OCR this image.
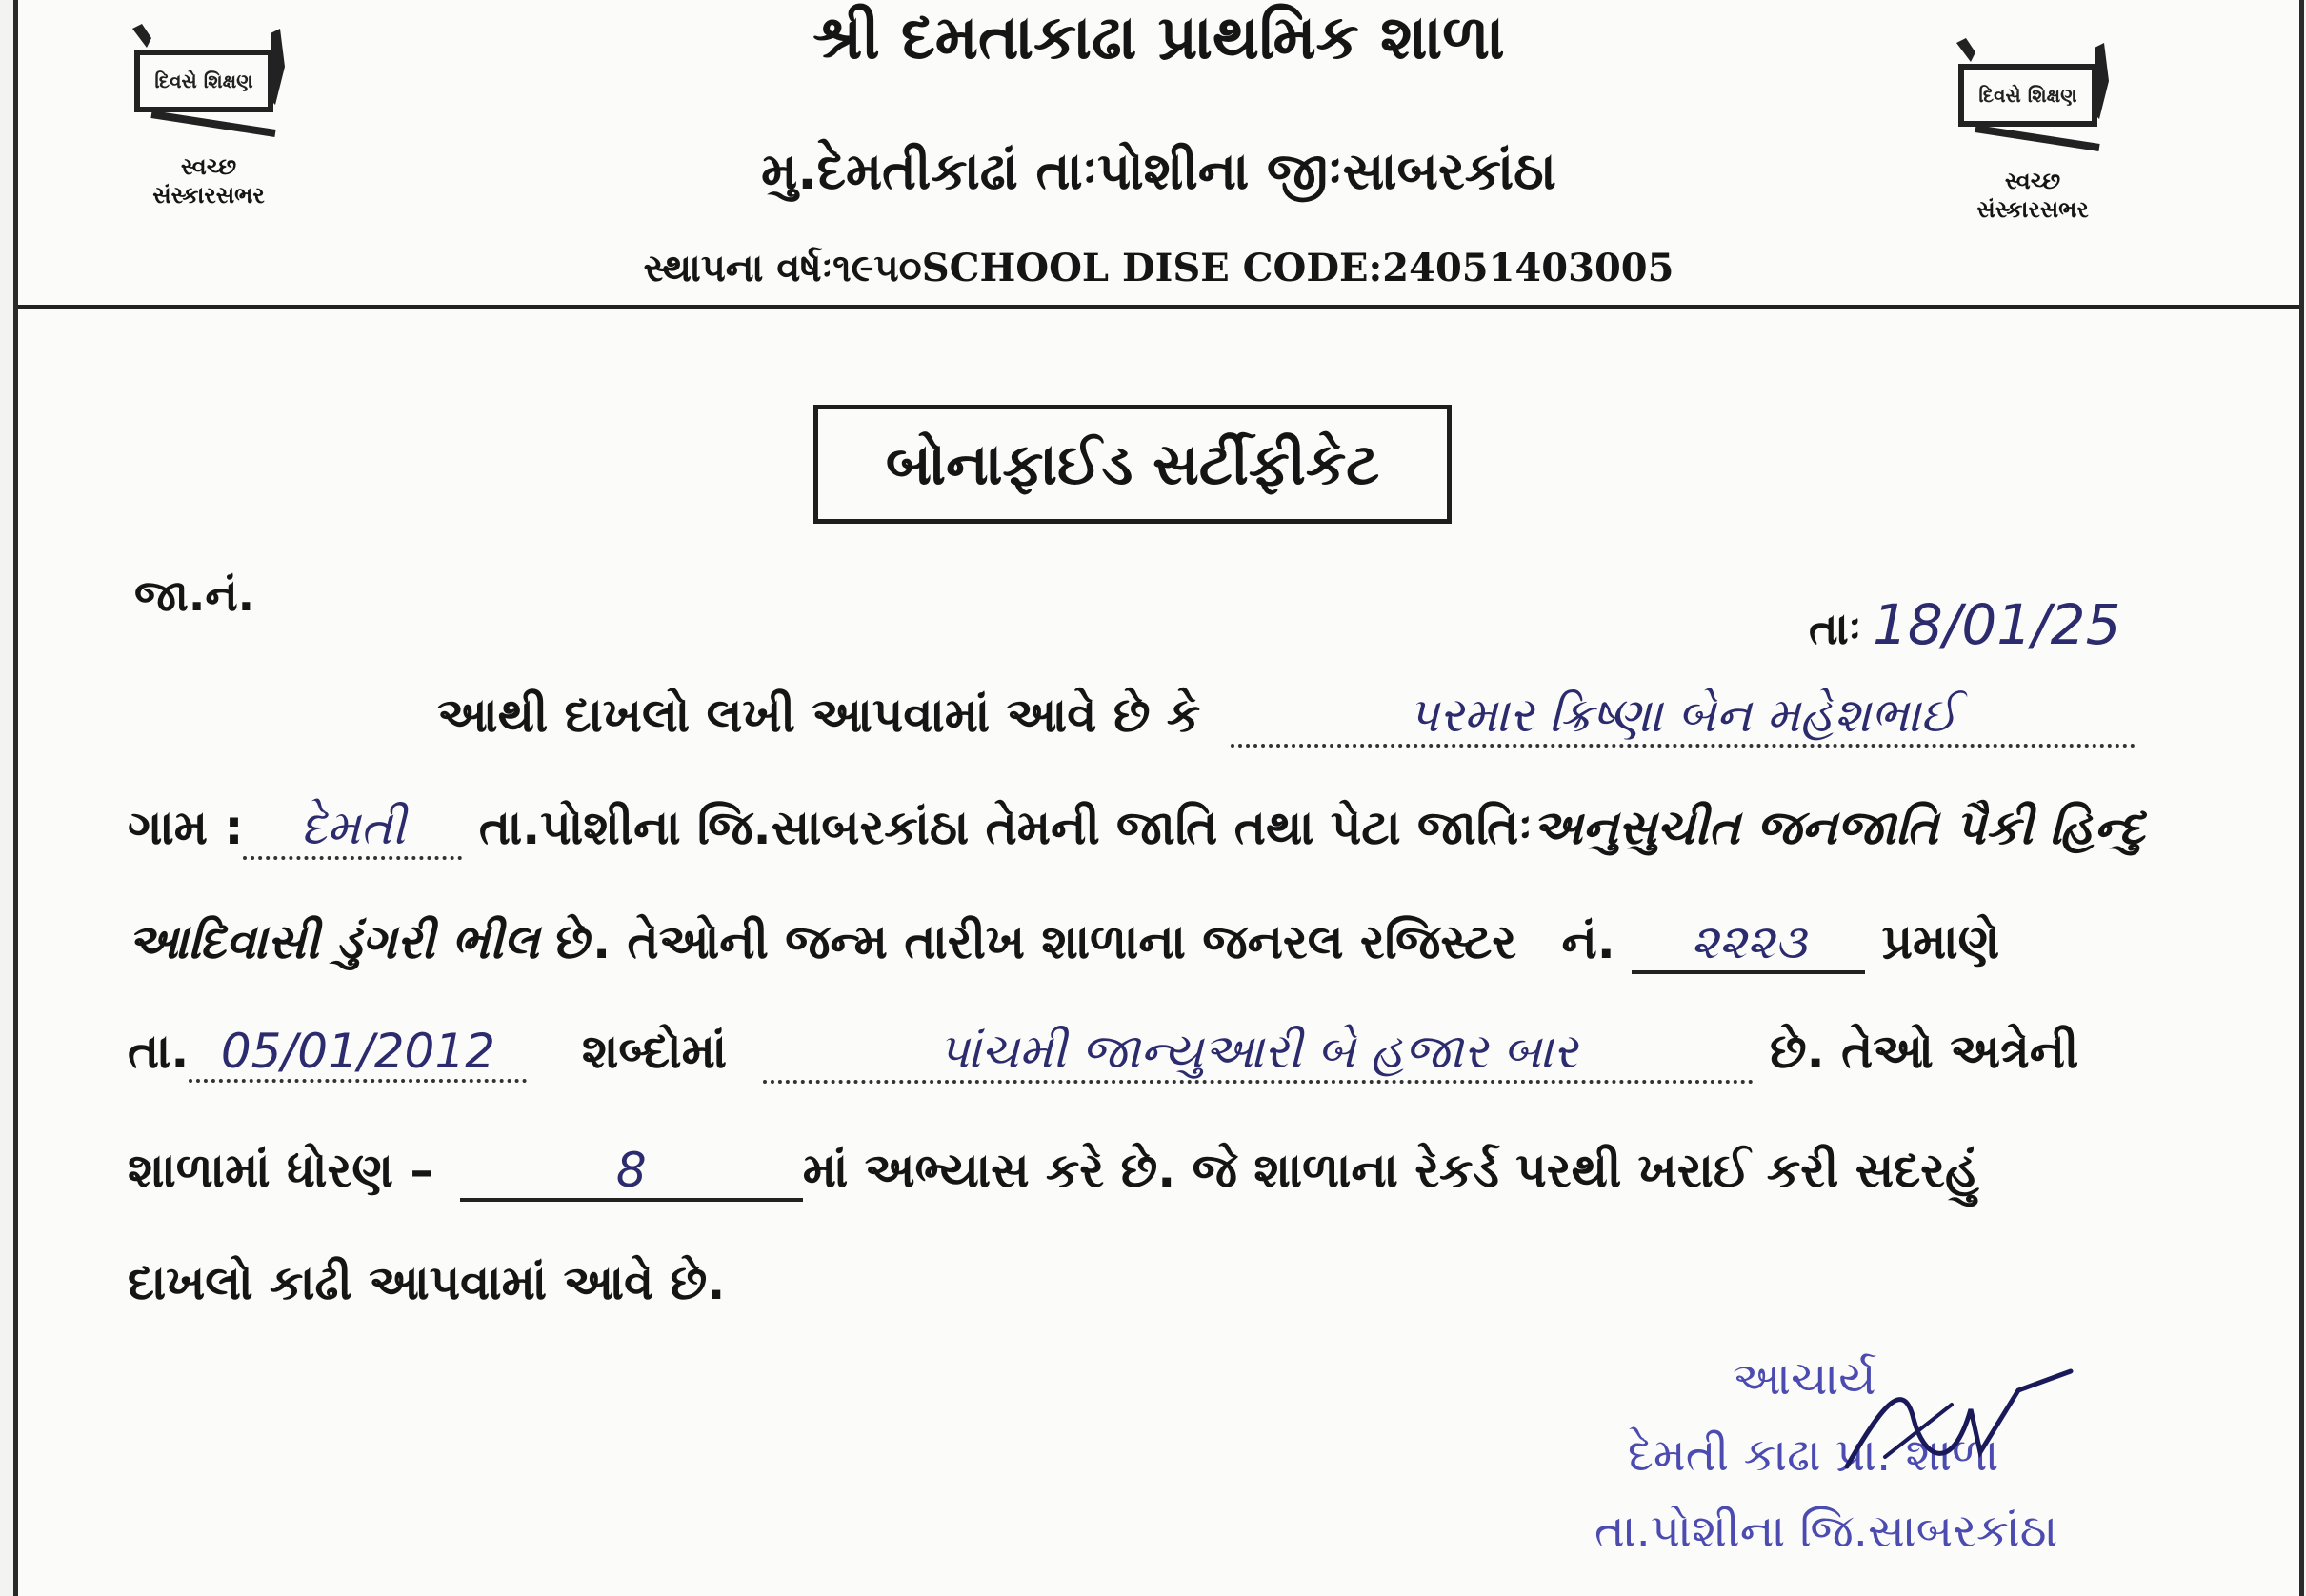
દિવસે શિક્ષણ
સ્વચ્છ
સંસ્કારસભર
દિવસે શિક્ષણ
સ્વચ્છ
સંસ્કારસભર
શ્રી દમતાકાઢા પ્રાથમિક શાળા
મુ.દેમતીકાઢાં તાઃપોશીના જીઃસાબરકાંઠા
સ્થાપના વર્ષઃ૧૯૫૦SCHOOL DISE CODE:24051403005
બોનાફાઈડ સર્ટીફીકેટ
જા.નં.
તાઃ 18/01/25
આથી દાખલો લખી આપવામાં આવે છે કે	પરમાર ક્રિષ્ણા બેન મહેશભાઈ
ગામ : દેમતી તા.પોશીના જિ.સાબરકાંઠા તેમની જાતિ તથા પેટા જાતિઃઅનુસુચીત જનજાતિ પૈકી હિન્દુ
આદિવાસી ડુંગરી ભીલ છે. તેઓની જન્મ તારીખ શાળાના જનરલ રજિસ્ટર નં. ૨૨૨૩ પ્રમાણે
તા. 05/01/2012 શબ્દોમાં	પાંચમી જાન્યુઆરી બે હજાર બાર	છે. તેઓ અત્રેની
શાળામાં ધોરણ –	8	માં અભ્યાસ કરે છે. જે શાળાના રેકર્ડ પરથી ખરાઈ કરી સદરહું
દાખલો કાઢી આપવામાં આવે છે.
આચાર્ય
દેમતી કાઢા પ્રા. શાળા
તા.પોશીના જિ.સાબરકાંઠા
